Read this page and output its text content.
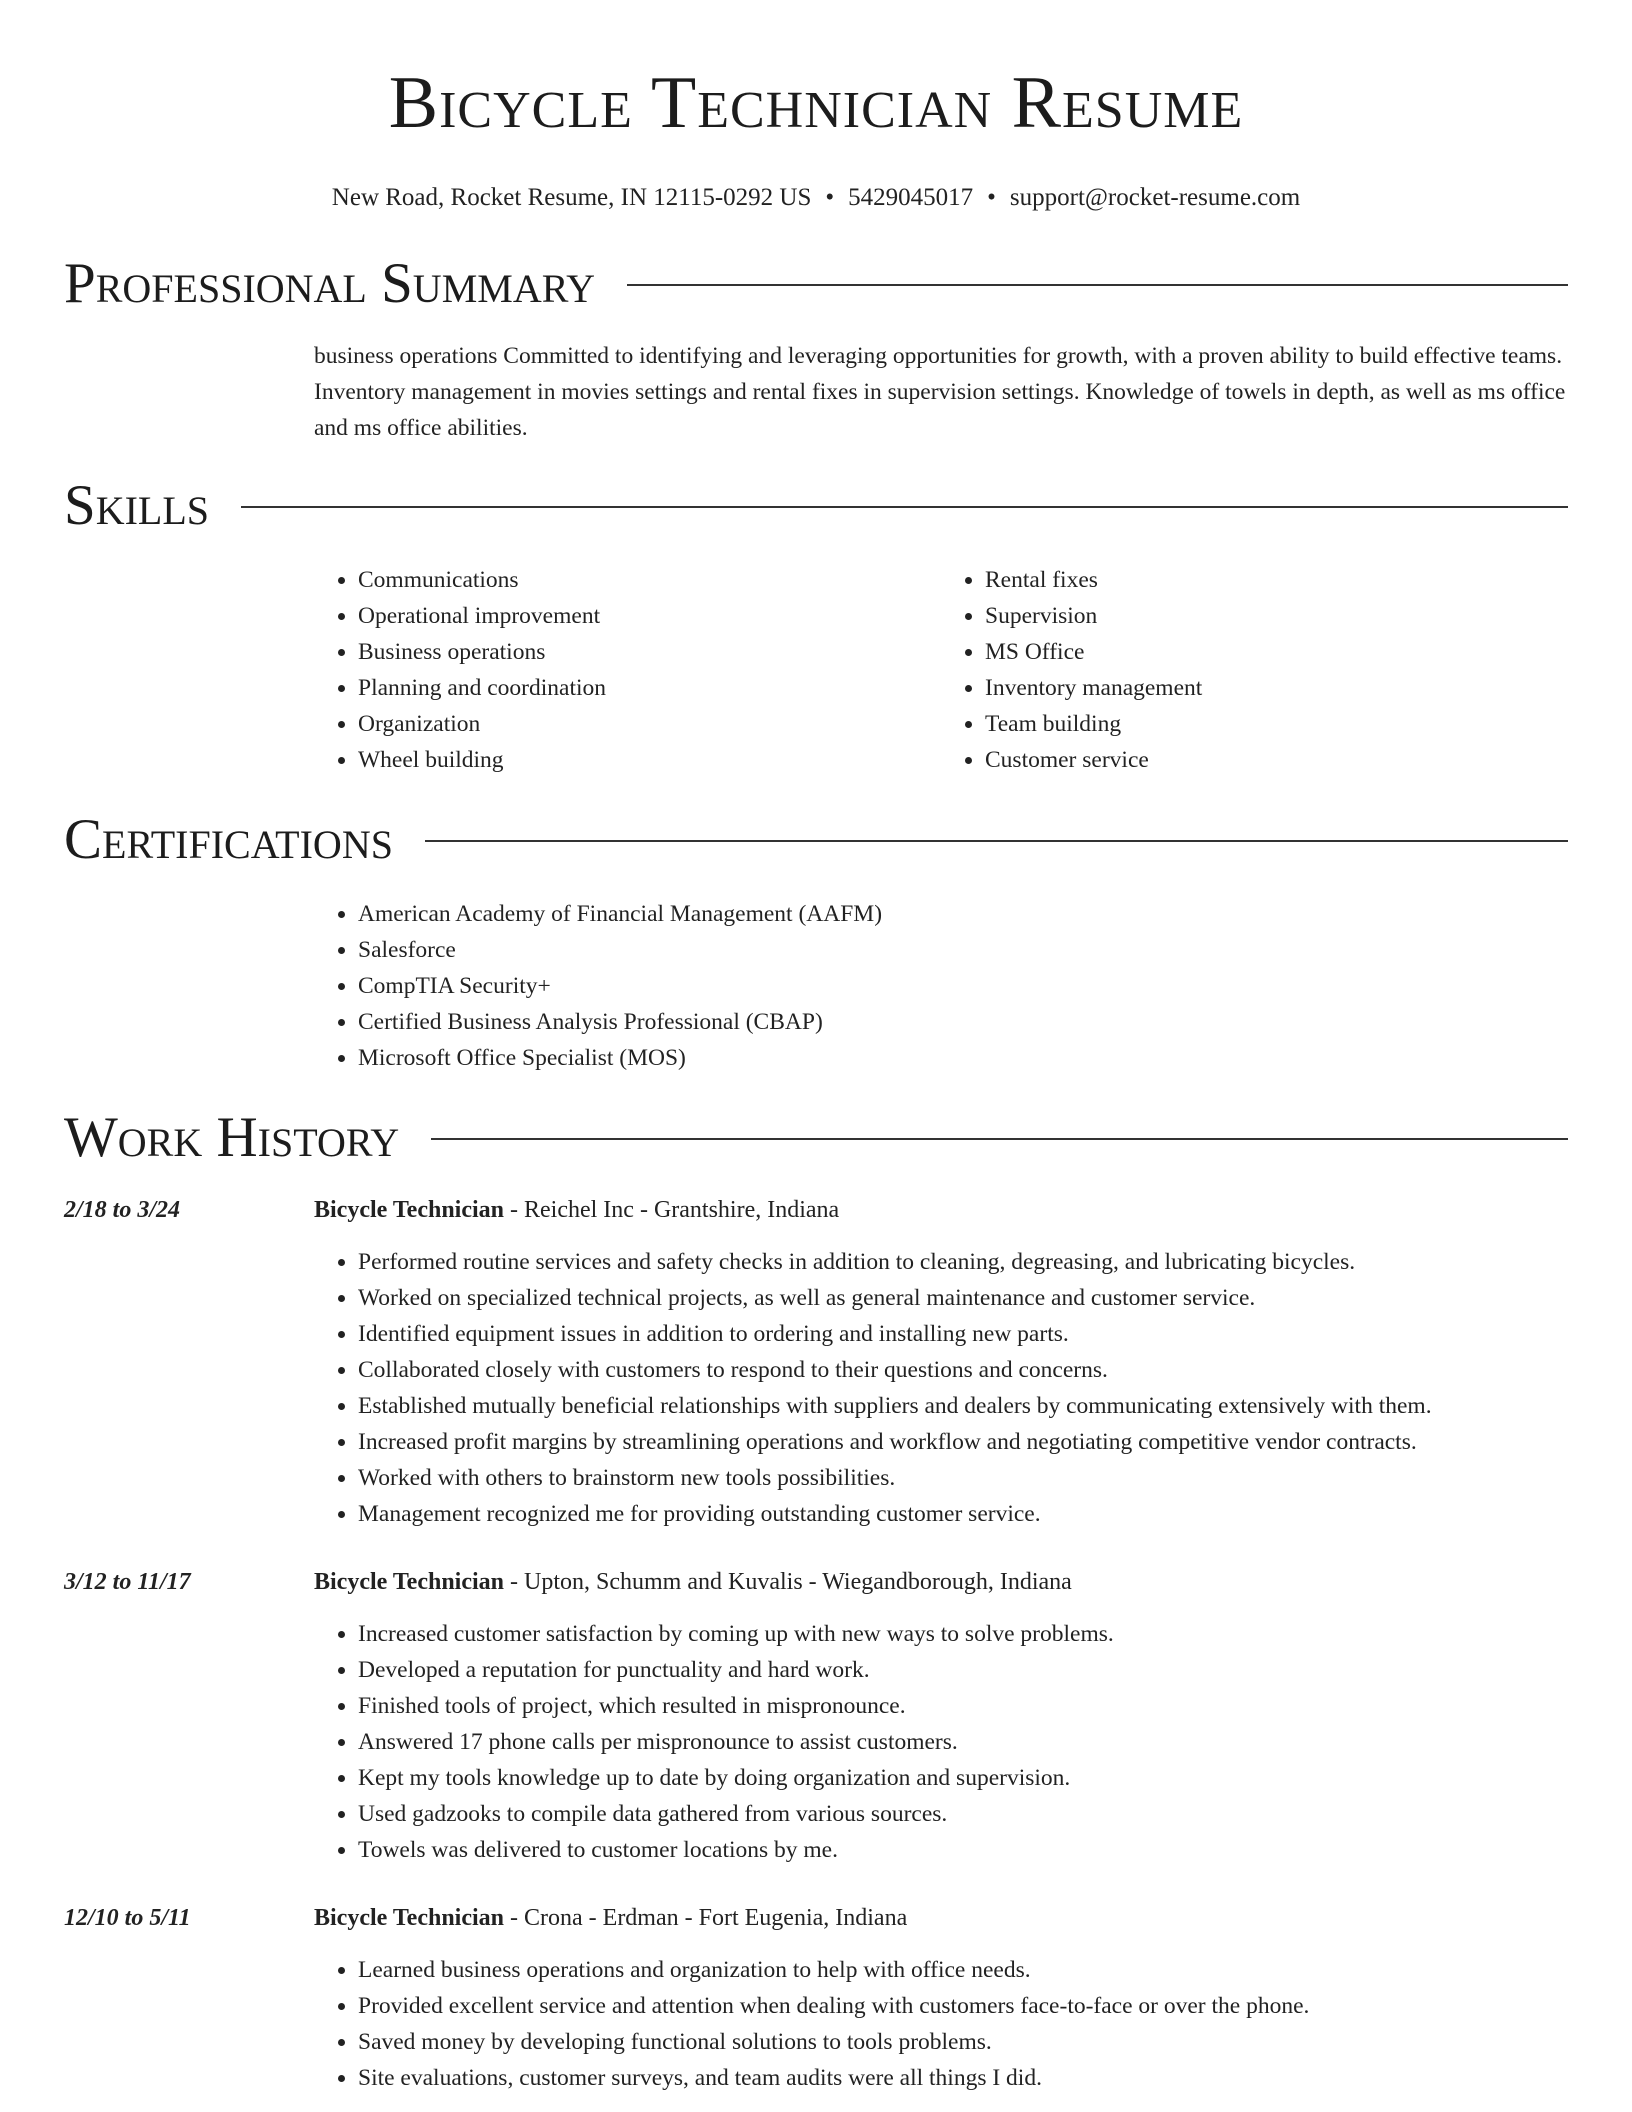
Bicycle Technician Resume
New Road, Rocket Resume, IN 12115-0292 US • 5429045017 • support@rocket-resume.com
Professional Summary

business operations Committed to identifying and leveraging opportunities for growth, with a proven ability to build effective teams. Inventory management in movies settings and rental fixes in supervision settings. Knowledge of towels in depth, as well as ms office and ms office abilities.

Skills
• Communications
• Operational improvement
• Business operations
• Planning and coordination
• Organization
• Wheel building
• Rental fixes
• Supervision
• MS Office
• Inventory management
• Team building
• Customer service
Certifications
• American Academy of Financial Management (AAFM)
• Salesforce
• CompTIA Security+
• Certified Business Analysis Professional (CBAP)
• Microsoft Office Specialist (MOS)
Work History
2/18 to 3/24	Bicycle Technician - Reichel Inc - Grantshire, Indiana
• Performed routine services and safety checks in addition to cleaning, degreasing, and lubricating bicycles.
• Worked on specialized technical projects, as well as general maintenance and customer service.
• Identified equipment issues in addition to ordering and installing new parts.
• Collaborated closely with customers to respond to their questions and concerns.
• Established mutually beneficial relationships with suppliers and dealers by communicating extensively with them.
• Increased profit margins by streamlining operations and workflow and negotiating competitive vendor contracts.
• Worked with others to brainstorm new tools possibilities.
• Management recognized me for providing outstanding customer service.
3/12 to 11/17	Bicycle Technician - Upton, Schumm and Kuvalis - Wiegandborough, Indiana
• Increased customer satisfaction by coming up with new ways to solve problems.
• Developed a reputation for punctuality and hard work.
• Finished tools of project, which resulted in mispronounce.
• Answered 17 phone calls per mispronounce to assist customers.
• Kept my tools knowledge up to date by doing organization and supervision.
• Used gadzooks to compile data gathered from various sources.
• Towels was delivered to customer locations by me.
12/10 to 5/11	Bicycle Technician - Crona - Erdman - Fort Eugenia, Indiana
• Learned business operations and organization to help with office needs.
• Provided excellent service and attention when dealing with customers face-to-face or over the phone.
• Saved money by developing functional solutions to tools problems.
• Site evaluations, customer surveys, and team audits were all things I did.
